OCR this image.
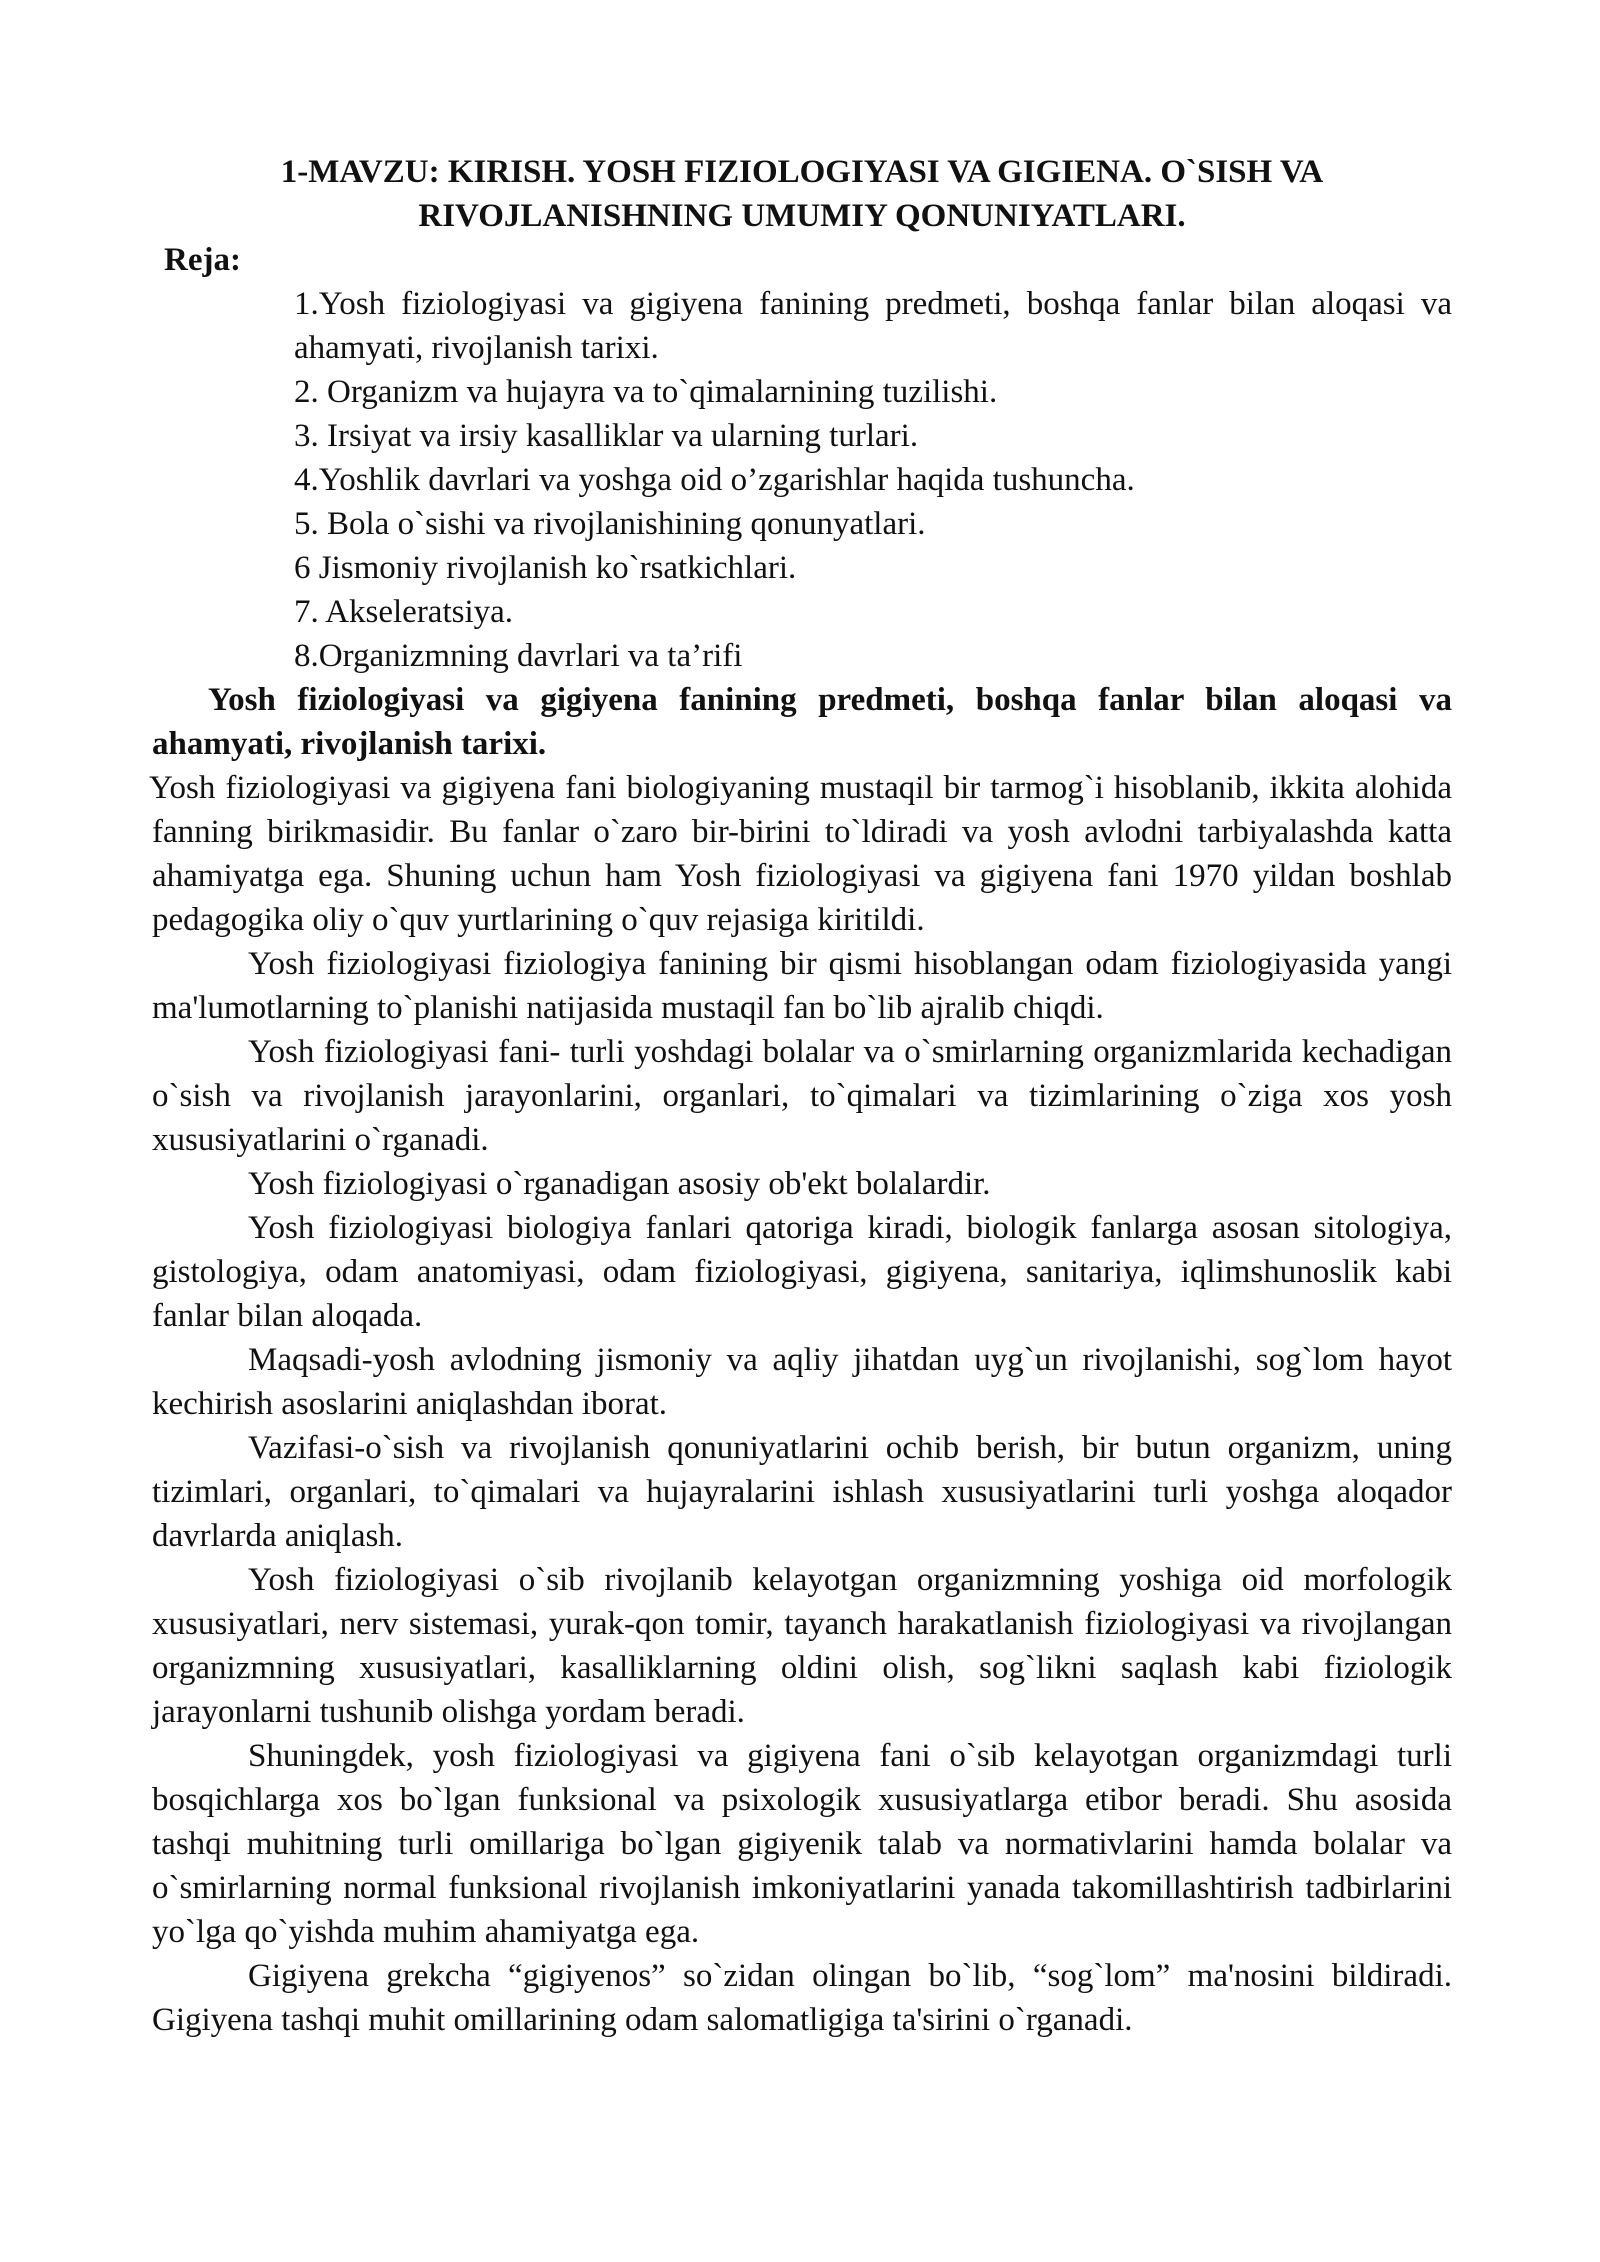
1-MAVZU: KIRISH. YOSH FIZIOLOGIYASI VA GIGIENA. O`SISH VA RIVOJLANISHNING UMUMIY QONUNIYATLARI.

Reja:

1.Yosh fiziologiyasi va gigiyena fanining predmeti, boshqa fanlar bilan aloqasi va ahamyati, rivojlanish tarixi.
2. Organizm va hujayra va to`qimalarnining tuzilishi.
3. Irsiyat va irsiy kasalliklar va ularning turlari.
4.Yoshlik davrlari va yoshga oid o’zgarishlar haqida tushuncha.
5. Bola o`sishi va rivojlanishining qonunyatlari.
6 Jismoniy rivojlanish ko`rsatkichlari.
7. Akseleratsiya.
8.Organizmning davrlari va ta’rifi

Yosh fiziologiyasi va gigiyena fanining predmeti, boshqa fanlar bilan aloqasi va ahamyati, rivojlanish tarixi.

Yosh fiziologiyasi va gigiyena fani biologiyaning mustaqil bir tarmog`i hisoblanib, ikkita alohida fanning birikmasidir. Bu fanlar o`zaro bir-birini to`ldiradi va yosh avlodni tarbiyalashda katta ahamiyatga ega. Shuning uchun ham Yosh fiziologiyasi va gigiyena fani 1970 yildan boshlab pedagogika oliy o`quv yurtlarining o`quv rejasiga kiritildi.

Yosh fiziologiyasi fiziologiya fanining bir qismi hisoblangan odam fiziologiyasida yangi ma'lumotlarning to`planishi natijasida mustaqil fan bo`lib ajralib chiqdi.

Yosh fiziologiyasi fani- turli yoshdagi bolalar va o`smirlarning organizmlarida kechadigan o`sish va rivojlanish jarayonlarini, organlari, to`qimalari va tizimlarining o`ziga xos yosh xususiyatlarini o`rganadi.

Yosh fiziologiyasi o`rganadigan asosiy ob'ekt bolalardir.

Yosh fiziologiyasi biologiya fanlari qatoriga kiradi, biologik fanlarga asosan sitologiya, gistologiya, odam anatomiyasi, odam fiziologiyasi, gigiyena, sanitariya, iqlimshunoslik kabi fanlar bilan aloqada.

Maqsadi-yosh avlodning jismoniy va aqliy jihatdan uyg`un rivojlanishi, sog`lom hayot kechirish asoslarini aniqlashdan iborat.

Vazifasi-o`sish va rivojlanish qonuniyatlarini ochib berish, bir butun organizm, uning tizimlari, organlari, to`qimalari va hujayralarini ishlash xususiyatlarini turli yoshga aloqador davrlarda aniqlash.

Yosh fiziologiyasi o`sib rivojlanib kelayotgan organizmning yoshiga oid morfologik xususiyatlari, nerv sistemasi, yurak-qon tomir, tayanch harakatlanish fiziologiyasi va rivojlangan organizmning xususiyatlari, kasalliklarning oldini olish, sog`likni saqlash kabi fiziologik jarayonlarni tushunib olishga yordam beradi.

Shuningdek, yosh fiziologiyasi va gigiyena fani o`sib kelayotgan organizmdagi turli bosqichlarga xos bo`lgan funksional va psixologik xususiyatlarga etibor beradi. Shu asosida tashqi muhitning turli omillariga bo`lgan gigiyenik talab va normativlarini hamda bolalar va o`smirlarning normal funksional rivojlanish imkoniyatlarini yanada takomillashtirish tadbirlarini yo`lga qo`yishda muhim ahamiyatga ega.

Gigiyena grekcha “gigiyenos” so`zidan olingan bo`lib, “sog`lom” ma'nosini bildiradi. Gigiyena tashqi muhit omillarining odam salomatligiga ta'sirini o`rganadi.
